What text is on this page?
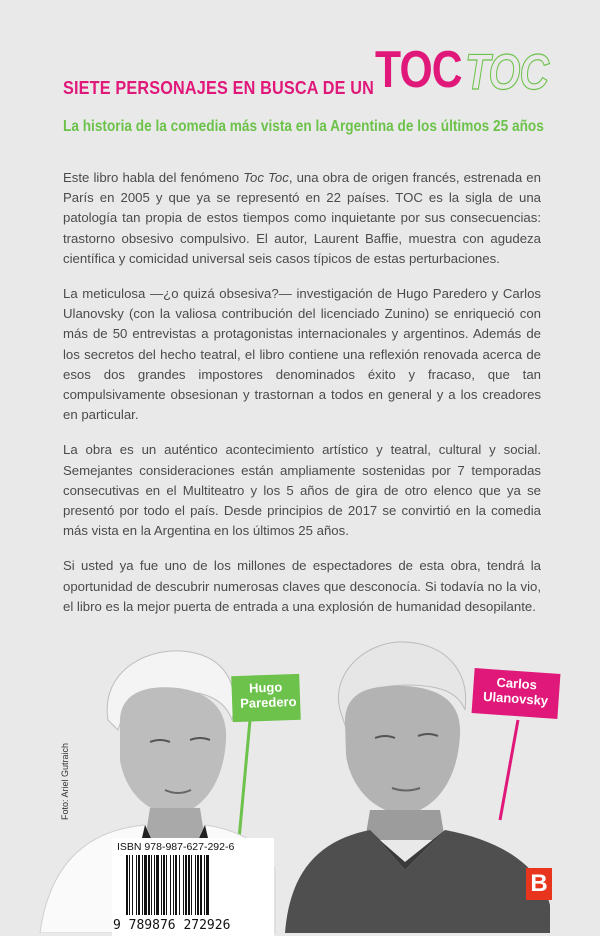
SIETE PERSONAJES EN BUSCA DE UN TOC TOC
La historia de la comedia más vista en la Argentina de los últimos 25 años

Este libro habla del fenómeno Toc Toc, una obra de origen francés, estrenada en París en 2005 y que ya se representó en 22 países. TOC es la sigla de una patología tan propia de estos tiempos como inquietante por sus consecuencias: trastorno obsesivo compulsivo. El autor, Laurent Baffie, muestra con agudeza científica y comicidad universal seis casos típicos de estas perturbaciones.

La meticulosa —¿o quizá obsesiva?— investigación de Hugo Paredero y Carlos Ulanovsky (con la valiosa contribución del licenciado Zunino) se enriqueció con más de 50 entrevistas a protagonistas internacionales y argentinos. Además de los secretos del hecho teatral, el libro contiene una reflexión renovada acerca de esos dos grandes impostores denominados éxito y fracaso, que tan compulsivamente obsesionan y trastornan a todos en general y a los creadores en particular.

La obra es un auténtico acontecimiento artístico y teatral, cultural y social. Semejantes consideraciones están ampliamente sostenidas por 7 temporadas consecutivas en el Multiteatro y los 5 años de gira de otro elenco que ya se presentó por todo el país. Desde principios de 2017 se convirtió en la comedia más vista en la Argentina en los últimos 25 años.

Si usted ya fue uno de los millones de espectadores de esta obra, tendrá la oportunidad de descubrir numerosas claves que desconocía. Si todavía no la vio, el libro es la mejor puerta de entrada a una explosión de humanidad desopilante.

Foto: Ariel Gutraich
Hugo Paredero
Carlos Ulanovsky
ISBN 978-987-627-292-6
9 789876 272926
B
